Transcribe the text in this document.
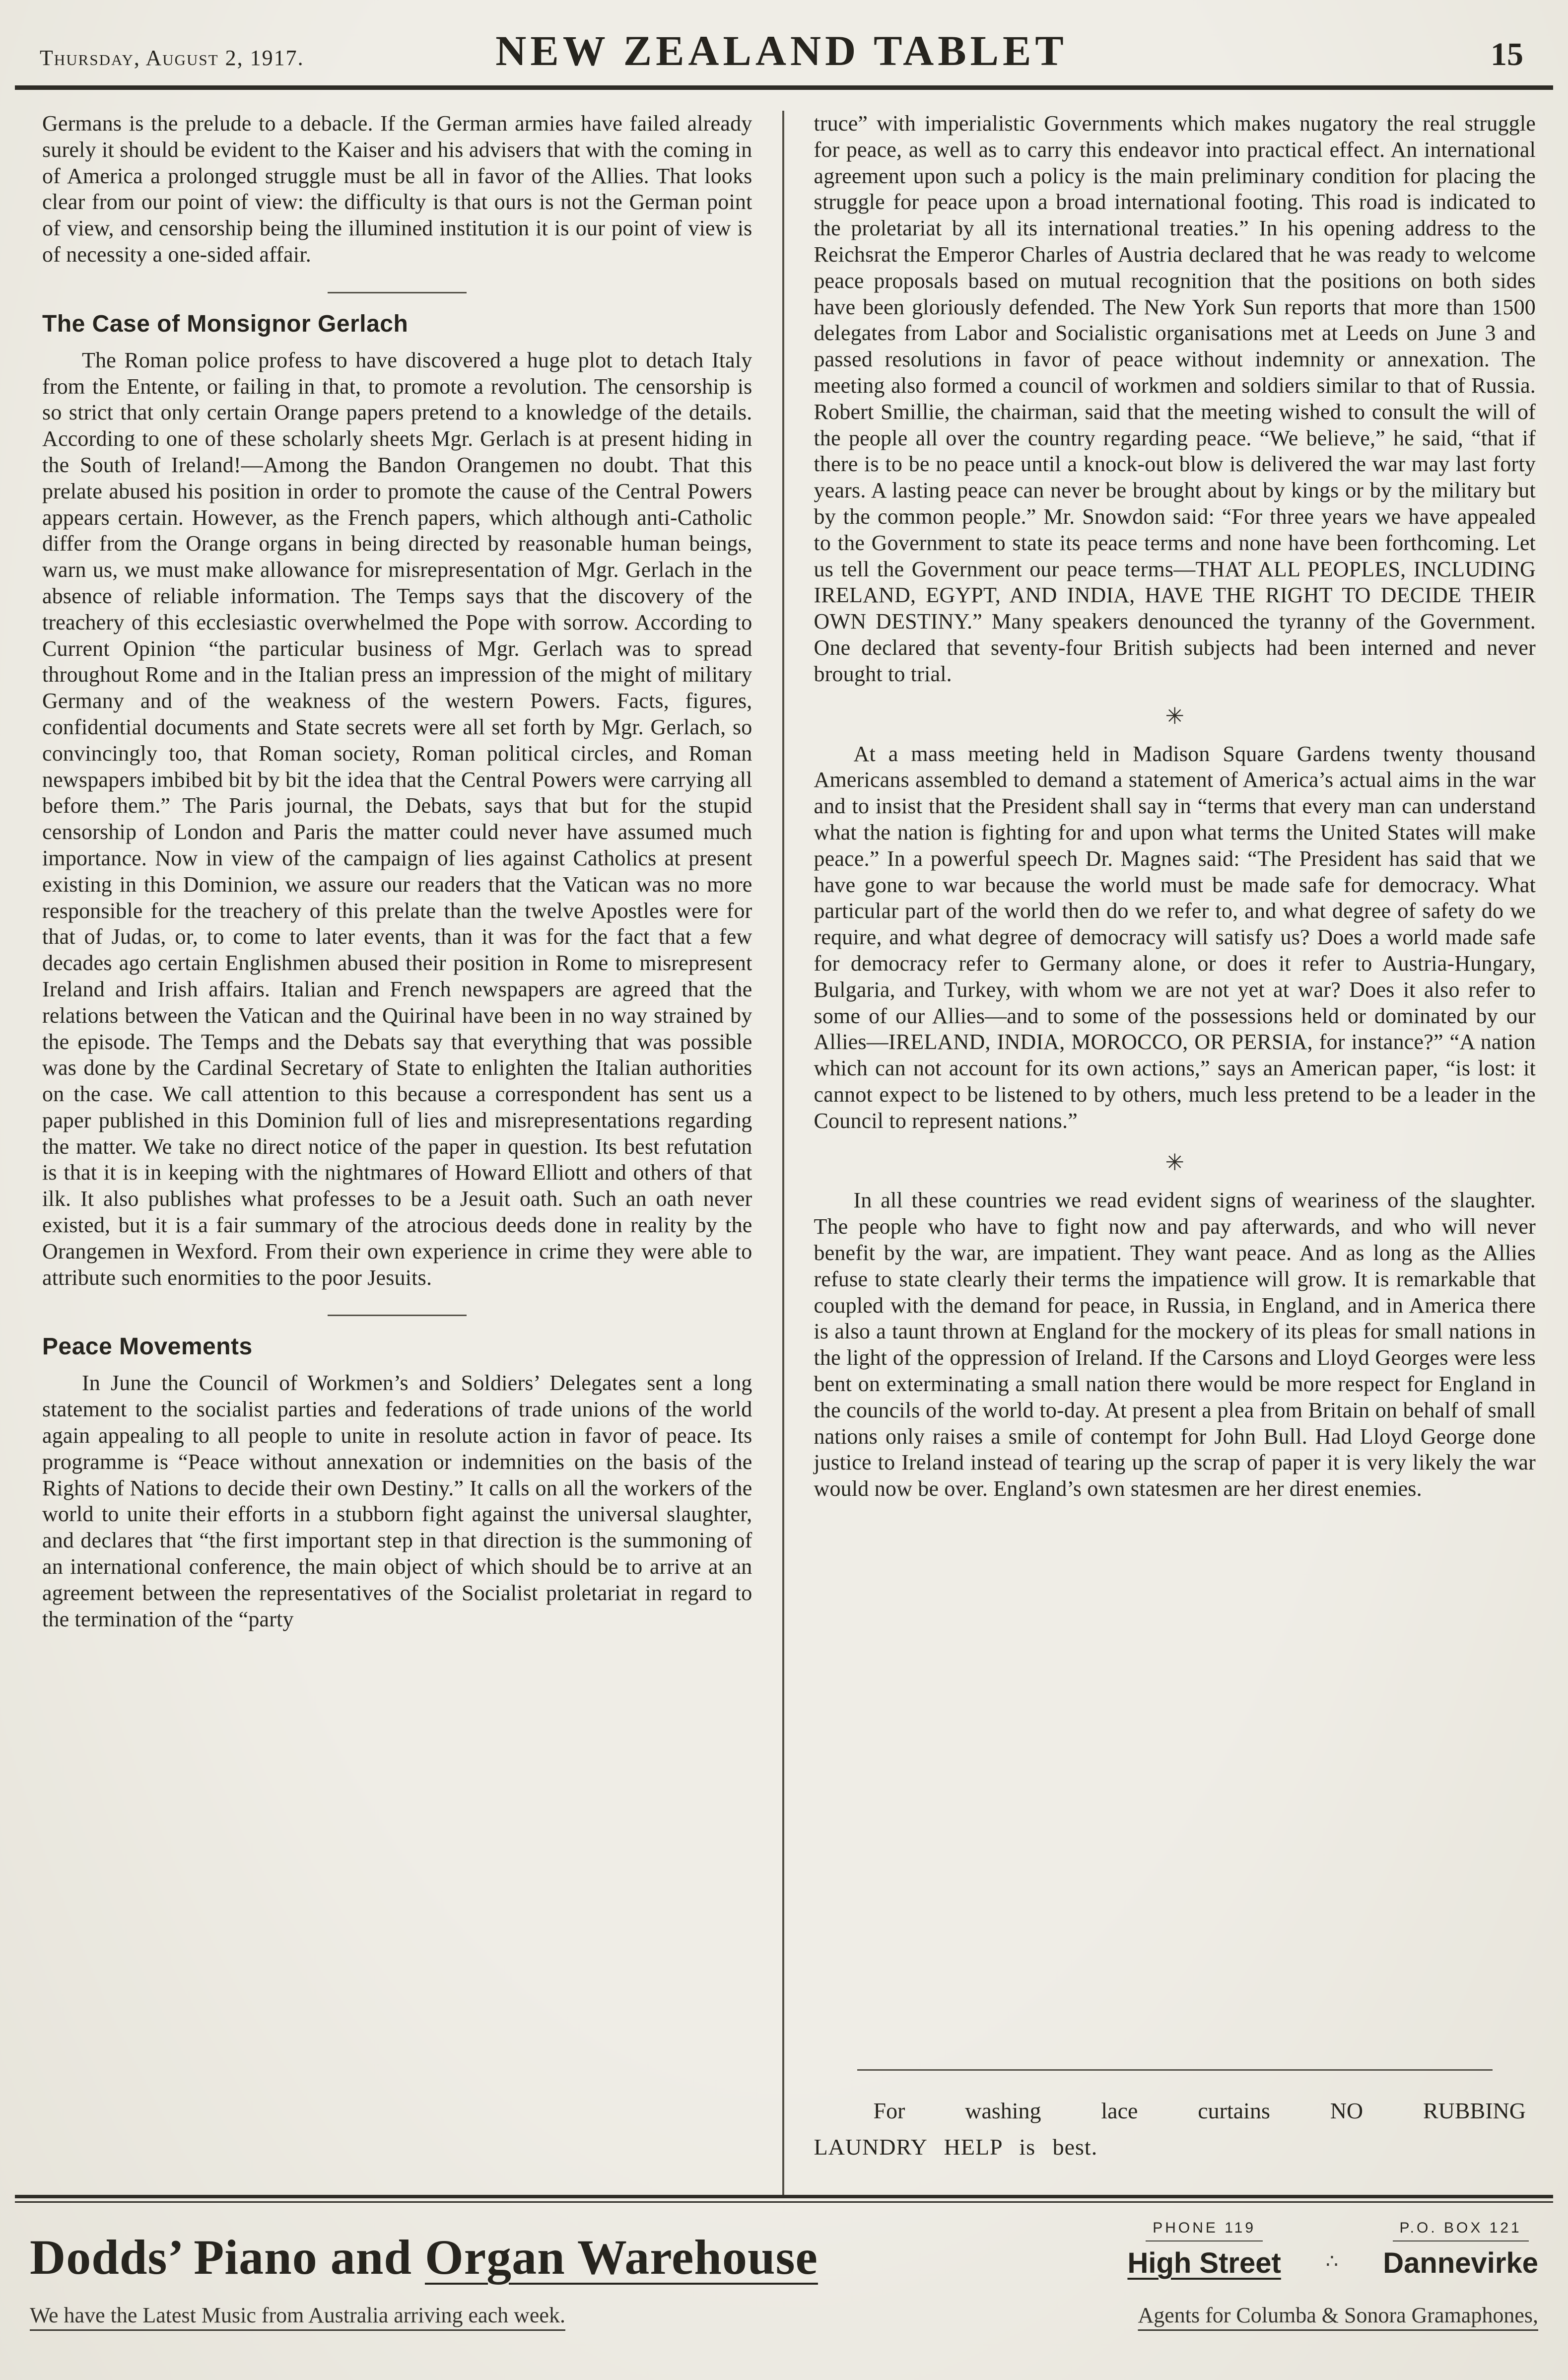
Thursday, August 2, 1917.	NEW ZEALAND TABLET	15

Germans is the prelude to a debacle. If the German armies have failed already surely it should be evident to the Kaiser and his advisers that with the coming in of America a prolonged struggle must be all in favor of the Allies. That looks clear from our point of view: the difficulty is that ours is not the German point of view, and censorship being the illumined institution it is our point of view is of necessity a one-sided affair.

The Case of Monsignor Gerlach

The Roman police profess to have discovered a huge plot to detach Italy from the Entente, or failing in that, to promote a revolution. The censorship is so strict that only certain Orange papers pretend to a knowledge of the details. According to one of these scholarly sheets Mgr. Gerlach is at present hiding in the South of Ireland!—Among the Bandon Orangemen no doubt. That this prelate abused his position in order to promote the cause of the Central Powers appears certain. However, as the French papers, which although anti-Catholic differ from the Orange organs in being directed by reasonable human beings, warn us, we must make allowance for misrepresentation of Mgr. Gerlach in the absence of reliable information. The Temps says that the discovery of the treachery of this ecclesiastic overwhelmed the Pope with sorrow. According to Current Opinion “the particular business of Mgr. Gerlach was to spread throughout Rome and in the Italian press an impression of the might of military Germany and of the weakness of the western Powers. Facts, figures, confidential documents and State secrets were all set forth by Mgr. Gerlach, so convincingly too, that Roman society, Roman political circles, and Roman newspapers imbibed bit by bit the idea that the Central Powers were carrying all before them.” The Paris journal, the Debats, says that but for the stupid censorship of London and Paris the matter could never have assumed much importance. Now in view of the campaign of lies against Catholics at present existing in this Dominion, we assure our readers that the Vatican was no more responsible for the treachery of this prelate than the twelve Apostles were for that of Judas, or, to come to later events, than it was for the fact that a few decades ago certain Englishmen abused their position in Rome to misrepresent Ireland and Irish affairs. Italian and French newspapers are agreed that the relations between the Vatican and the Quirinal have been in no way strained by the episode. The Temps and the Debats say that everything that was possible was done by the Cardinal Secretary of State to enlighten the Italian authorities on the case. We call attention to this because a correspondent has sent us a paper published in this Dominion full of lies and misrepresentations regarding the matter. We take no direct notice of the paper in question. Its best refutation is that it is in keeping with the nightmares of Howard Elliott and others of that ilk. It also publishes what professes to be a Jesuit oath. Such an oath never existed, but it is a fair summary of the atrocious deeds done in reality by the Orangemen in Wexford. From their own experience in crime they were able to attribute such enormities to the poor Jesuits.

Peace Movements

In June the Council of Workmen’s and Soldiers’ Delegates sent a long statement to the socialist parties and federations of trade unions of the world again appealing to all people to unite in resolute action in favor of peace. Its programme is “Peace without annexation or indemnities on the basis of the Rights of Nations to decide their own Destiny.” It calls on all the workers of the world to unite their efforts in a stubborn fight against the universal slaughter, and declares that “the first important step in that direction is the summoning of an international conference, the main object of which should be to arrive at an agreement between the representatives of the Socialist proletariat in regard to the termination of the “party

truce” with imperialistic Governments which makes nugatory the real struggle for peace, as well as to carry this endeavor into practical effect. An international agreement upon such a policy is the main preliminary condition for placing the struggle for peace upon a broad international footing. This road is indicated to the proletariat by all its international treaties.” In his opening address to the Reichsrat the Emperor Charles of Austria declared that he was ready to welcome peace proposals based on mutual recognition that the positions on both sides have been gloriously defended. The New York Sun reports that more than 1500 delegates from Labor and Socialistic organisations met at Leeds on June 3 and passed resolutions in favor of peace without indemnity or annexation. The meeting also formed a council of workmen and soldiers similar to that of Russia. Robert Smillie, the chairman, said that the meeting wished to consult the will of the people all over the country regarding peace. “We believe,” he said, “that if there is to be no peace until a knock-out blow is delivered the war may last forty years. A lasting peace can never be brought about by kings or by the military but by the common people.” Mr. Snowdon said: “For three years we have appealed to the Government to state its peace terms and none have been forthcoming. Let us tell the Government our peace terms—THAT ALL PEOPLES, INCLUDING IRELAND, EGYPT, AND INDIA, HAVE THE RIGHT TO DECIDE THEIR OWN DESTINY.” Many speakers denounced the tyranny of the Government. One declared that seventy-four British subjects had been interned and never brought to trial.

✳

At a mass meeting held in Madison Square Gardens twenty thousand Americans assembled to demand a statement of America’s actual aims in the war and to insist that the President shall say in “terms that every man can understand what the nation is fighting for and upon what terms the United States will make peace.” In a powerful speech Dr. Magnes said: “The President has said that we have gone to war because the world must be made safe for democracy. What particular part of the world then do we refer to, and what degree of safety do we require, and what degree of democracy will satisfy us? Does a world made safe for democracy refer to Germany alone, or does it refer to Austria-Hungary, Bulgaria, and Turkey, with whom we are not yet at war? Does it also refer to some of our Allies—and to some of the possessions held or dominated by our Allies—IRELAND, INDIA, MOROCCO, OR PERSIA, for instance?” “A nation which can not account for its own actions,” says an American paper, “is lost: it cannot expect to be listened to by others, much less pretend to be a leader in the Council to represent nations.”

✳

In all these countries we read evident signs of weariness of the slaughter. The people who have to fight now and pay afterwards, and who will never benefit by the war, are impatient. They want peace. And as long as the Allies refuse to state clearly their terms the impatience will grow. It is remarkable that coupled with the demand for peace, in Russia, in England, and in America there is also a taunt thrown at England for the mockery of its pleas for small nations in the light of the oppression of Ireland. If the Carsons and Lloyd Georges were less bent on exterminating a small nation there would be more respect for England in the councils of the world to-day. At present a plea from Britain on behalf of small nations only raises a smile of contempt for John Bull. Had Lloyd George done justice to Ireland instead of tearing up the scrap of paper it is very likely the war would now be over. England’s own statesmen are her direst enemies.

For washing lace curtains NO RUBBING

LAUNDRY HELP is best.

Dodds’ Piano and Organ Warehouse
PHONE 119
High Street ∴
P.O. BOX 121
Dannevirke
We have the Latest Music from Australia arriving each week.	Agents for Columba & Sonora Gramaphones,
